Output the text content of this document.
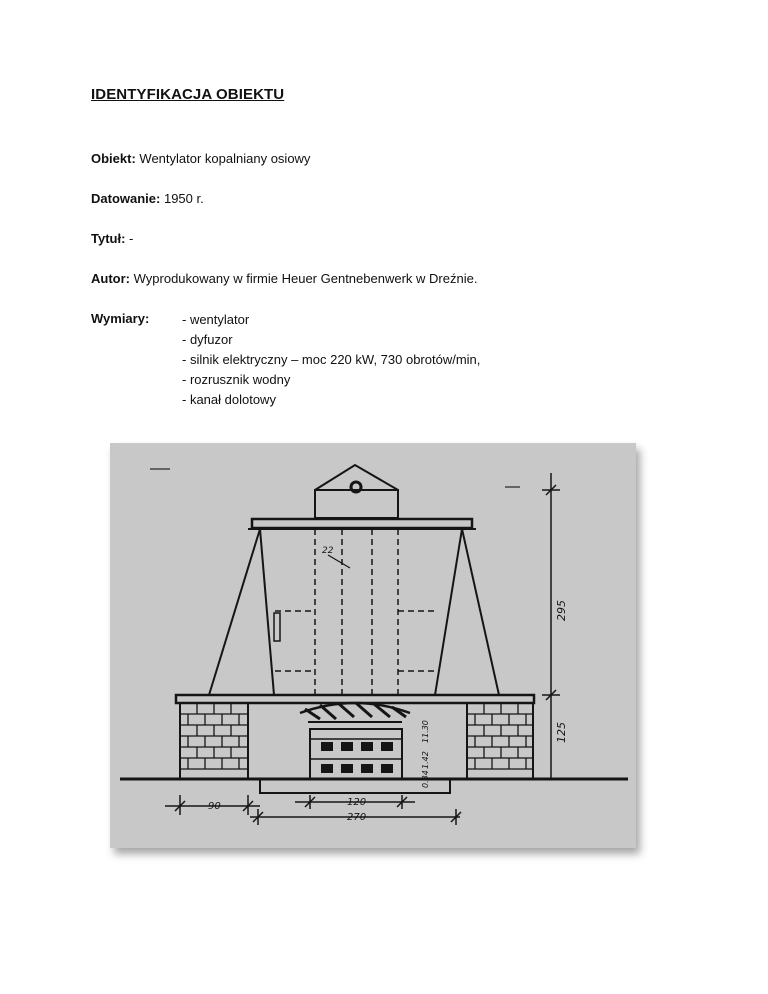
IDENTYFIKACJA OBIEKTU
Obiekt: Wentylator kopalniany osiowy
Datowanie: 1950 r.
Tytuł: -
Autor: Wyprodukowany w firmie Heuer Gentnebenwerk w Dreźnie.
Wymiary:	- wentylator
- dyfuzor
- silnik elektryczny – moc 220 kW, 730 obrotów/min,
- rozrusznik wodny
- kanał dolotowy
22
11.30
1.42
0.34
295
125
90	120
270
